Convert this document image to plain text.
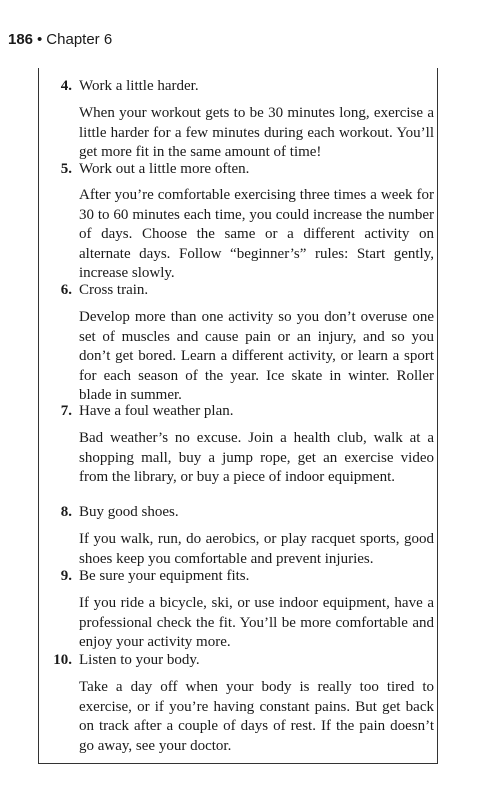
186 • Chapter 6
4. Work a little harder.

When your workout gets to be 30 minutes long, exercise a little harder for a few minutes during each workout. You’ll get more fit in the same amount of time!

5. Work out a little more often.

After you’re comfortable exercising three times a week for 30 to 60 minutes each time, you could increase the number of days. Choose the same or a different activity on alternate days. Follow “beginner’s” rules: Start gently, increase slowly.

6. Cross train.

Develop more than one activity so you don’t overuse one set of muscles and cause pain or an injury, and so you don’t get bored. Learn a different activity, or learn a sport for each season of the year. Ice skate in winter. Roller blade in summer.

7. Have a foul weather plan.

Bad weather’s no excuse. Join a health club, walk at a shopping mall, buy a jump rope, get an exercise video from the library, or buy a piece of indoor equipment.

8. Buy good shoes.

If you walk, run, do aerobics, or play racquet sports, good shoes keep you comfortable and prevent injuries.

9. Be sure your equipment fits.

If you ride a bicycle, ski, or use indoor equipment, have a professional check the fit. You’ll be more comfortable and enjoy your activity more.

10. Listen to your body.

Take a day off when your body is really too tired to exercise, or if you’re having constant pains. But get back on track after a couple of days of rest. If the pain doesn’t go away, see your doctor.
